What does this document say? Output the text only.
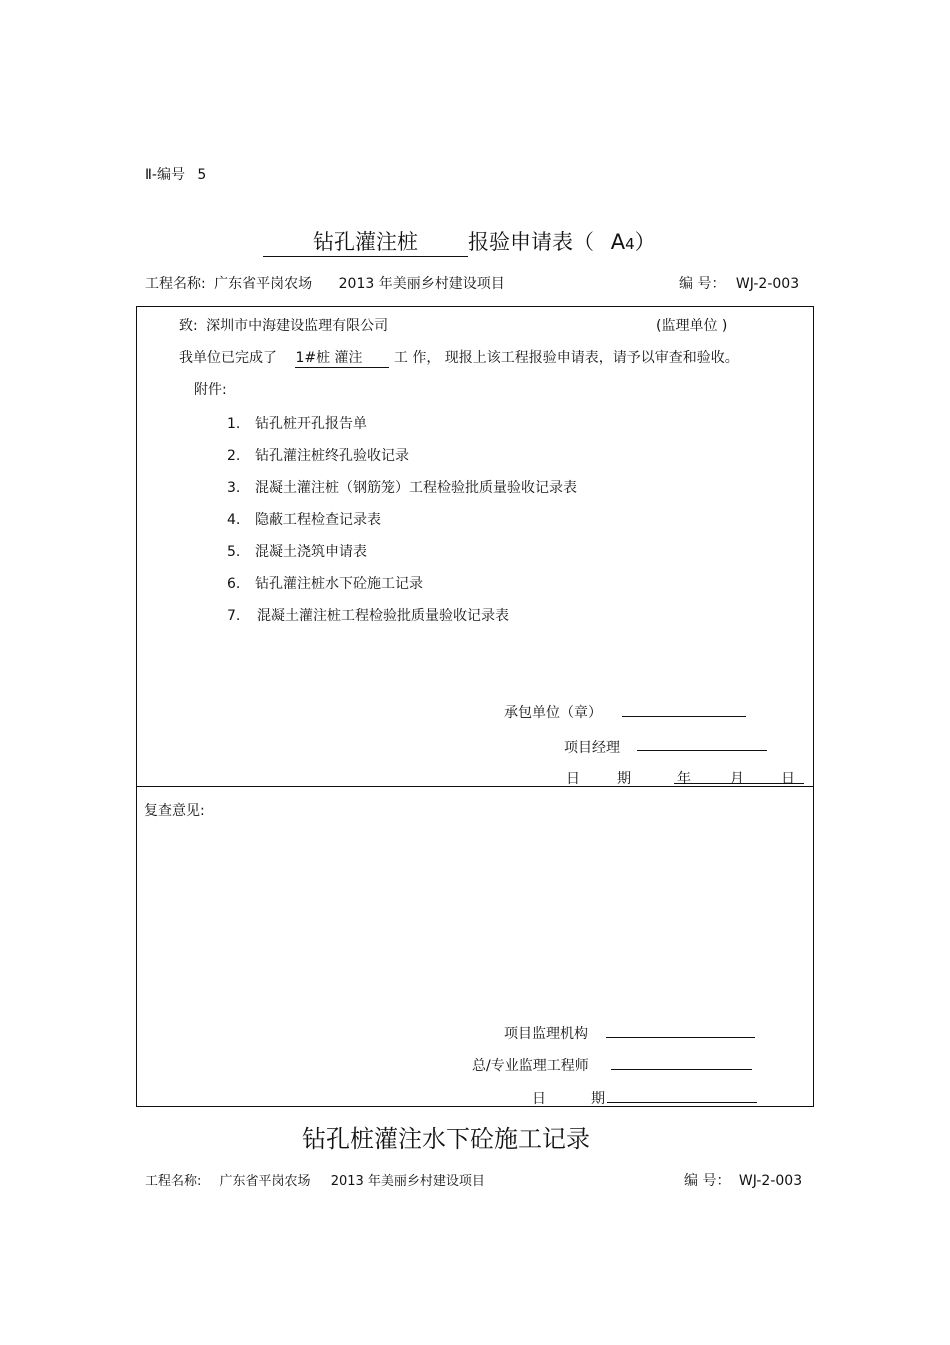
Ⅱ-编号 5
钻孔灌注桩 报验申请表（ A4）
工程名称: 广东省平岗农场 2013 年美丽乡村建设项目	编 号： WJ-2-003
致: 深圳市中海建设监理有限公司	(监理单位 )
我单位已完成了 1#桩 灌注 工 作， 现报上该工程报验申请表，请予以审查和验收。
附件:
1. 钻孔桩开孔报告单
2. 钻孔灌注桩终孔验收记录
3. 混凝土灌注桩（钢筋笼）工程检验批质量验收记录表
4. 隐蔽工程检查记录表
5. 混凝土浇筑申请表
6. 钻孔灌注桩水下砼施工记录
7. 混凝土灌注桩工程检验批质量验收记录表
承包单位（章）
项目经理
日	期	年	月	日
复查意见:
项目监理机构
总/专业监理工程师
日	期
钻孔桩灌注水下砼施工记录
工程名称: 广东省平岗农场 2013 年美丽乡村建设项目	编 号： WJ-2-003
